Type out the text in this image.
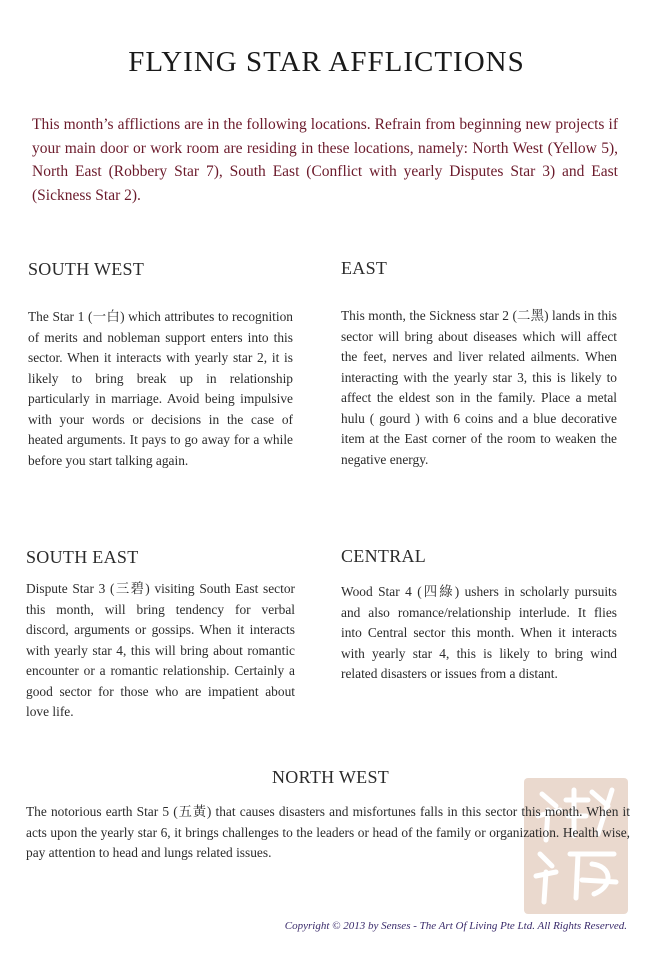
FLYING STAR AFFLICTIONS
This month’s afflictions are in the following locations. Refrain from beginning new projects if your main door or work room are residing in these locations, namely: North West (Yellow 5), North East (Robbery Star 7), South East (Conflict with yearly Disputes Star 3) and East (Sickness Star 2).
SOUTH WEST
The Star 1 (一白) which attributes to recognition of merits and nobleman support enters into this sector. When it interacts with yearly star 2, it is likely to bring break up in relationship particularly in marriage. Avoid being impulsive with your words or decisions in the case of heated arguments. It pays to go away for a while before you start talking again.
EAST
This month, the Sickness star 2 (二黑) lands in this sector will bring about diseases which will affect the feet, nerves and liver related ailments. When interacting with the yearly star 3, this is likely to affect the eldest son in the family. Place a metal hulu ( gourd ) with 6 coins and a blue decorative item at the East corner of the room to weaken the negative energy.
SOUTH EAST
Dispute Star 3 (三碧) visiting South East sector this month, will bring tendency for verbal discord, arguments or gossips. When it interacts with yearly star 4, this will bring about romantic encounter or a romantic relationship. Certainly a good sector for those who are impatient about love life.
CENTRAL
Wood Star 4 (四綠) ushers in scholarly pursuits and also romance/relationship interlude. It flies into Central sector this month. When it interacts with yearly star 4, this is likely to bring wind related disasters or issues from a distant.
NORTH WEST
The notorious earth Star 5 (五黃) that causes disasters and misfortunes falls in this sector this month. When it acts upon the yearly star 6, it brings challenges to the leaders or head of the family or organization. Health wise, pay attention to head and lungs related issues.
Copyright © 2013 by Senses - The Art Of Living Pte Ltd. All Rights Reserved.
